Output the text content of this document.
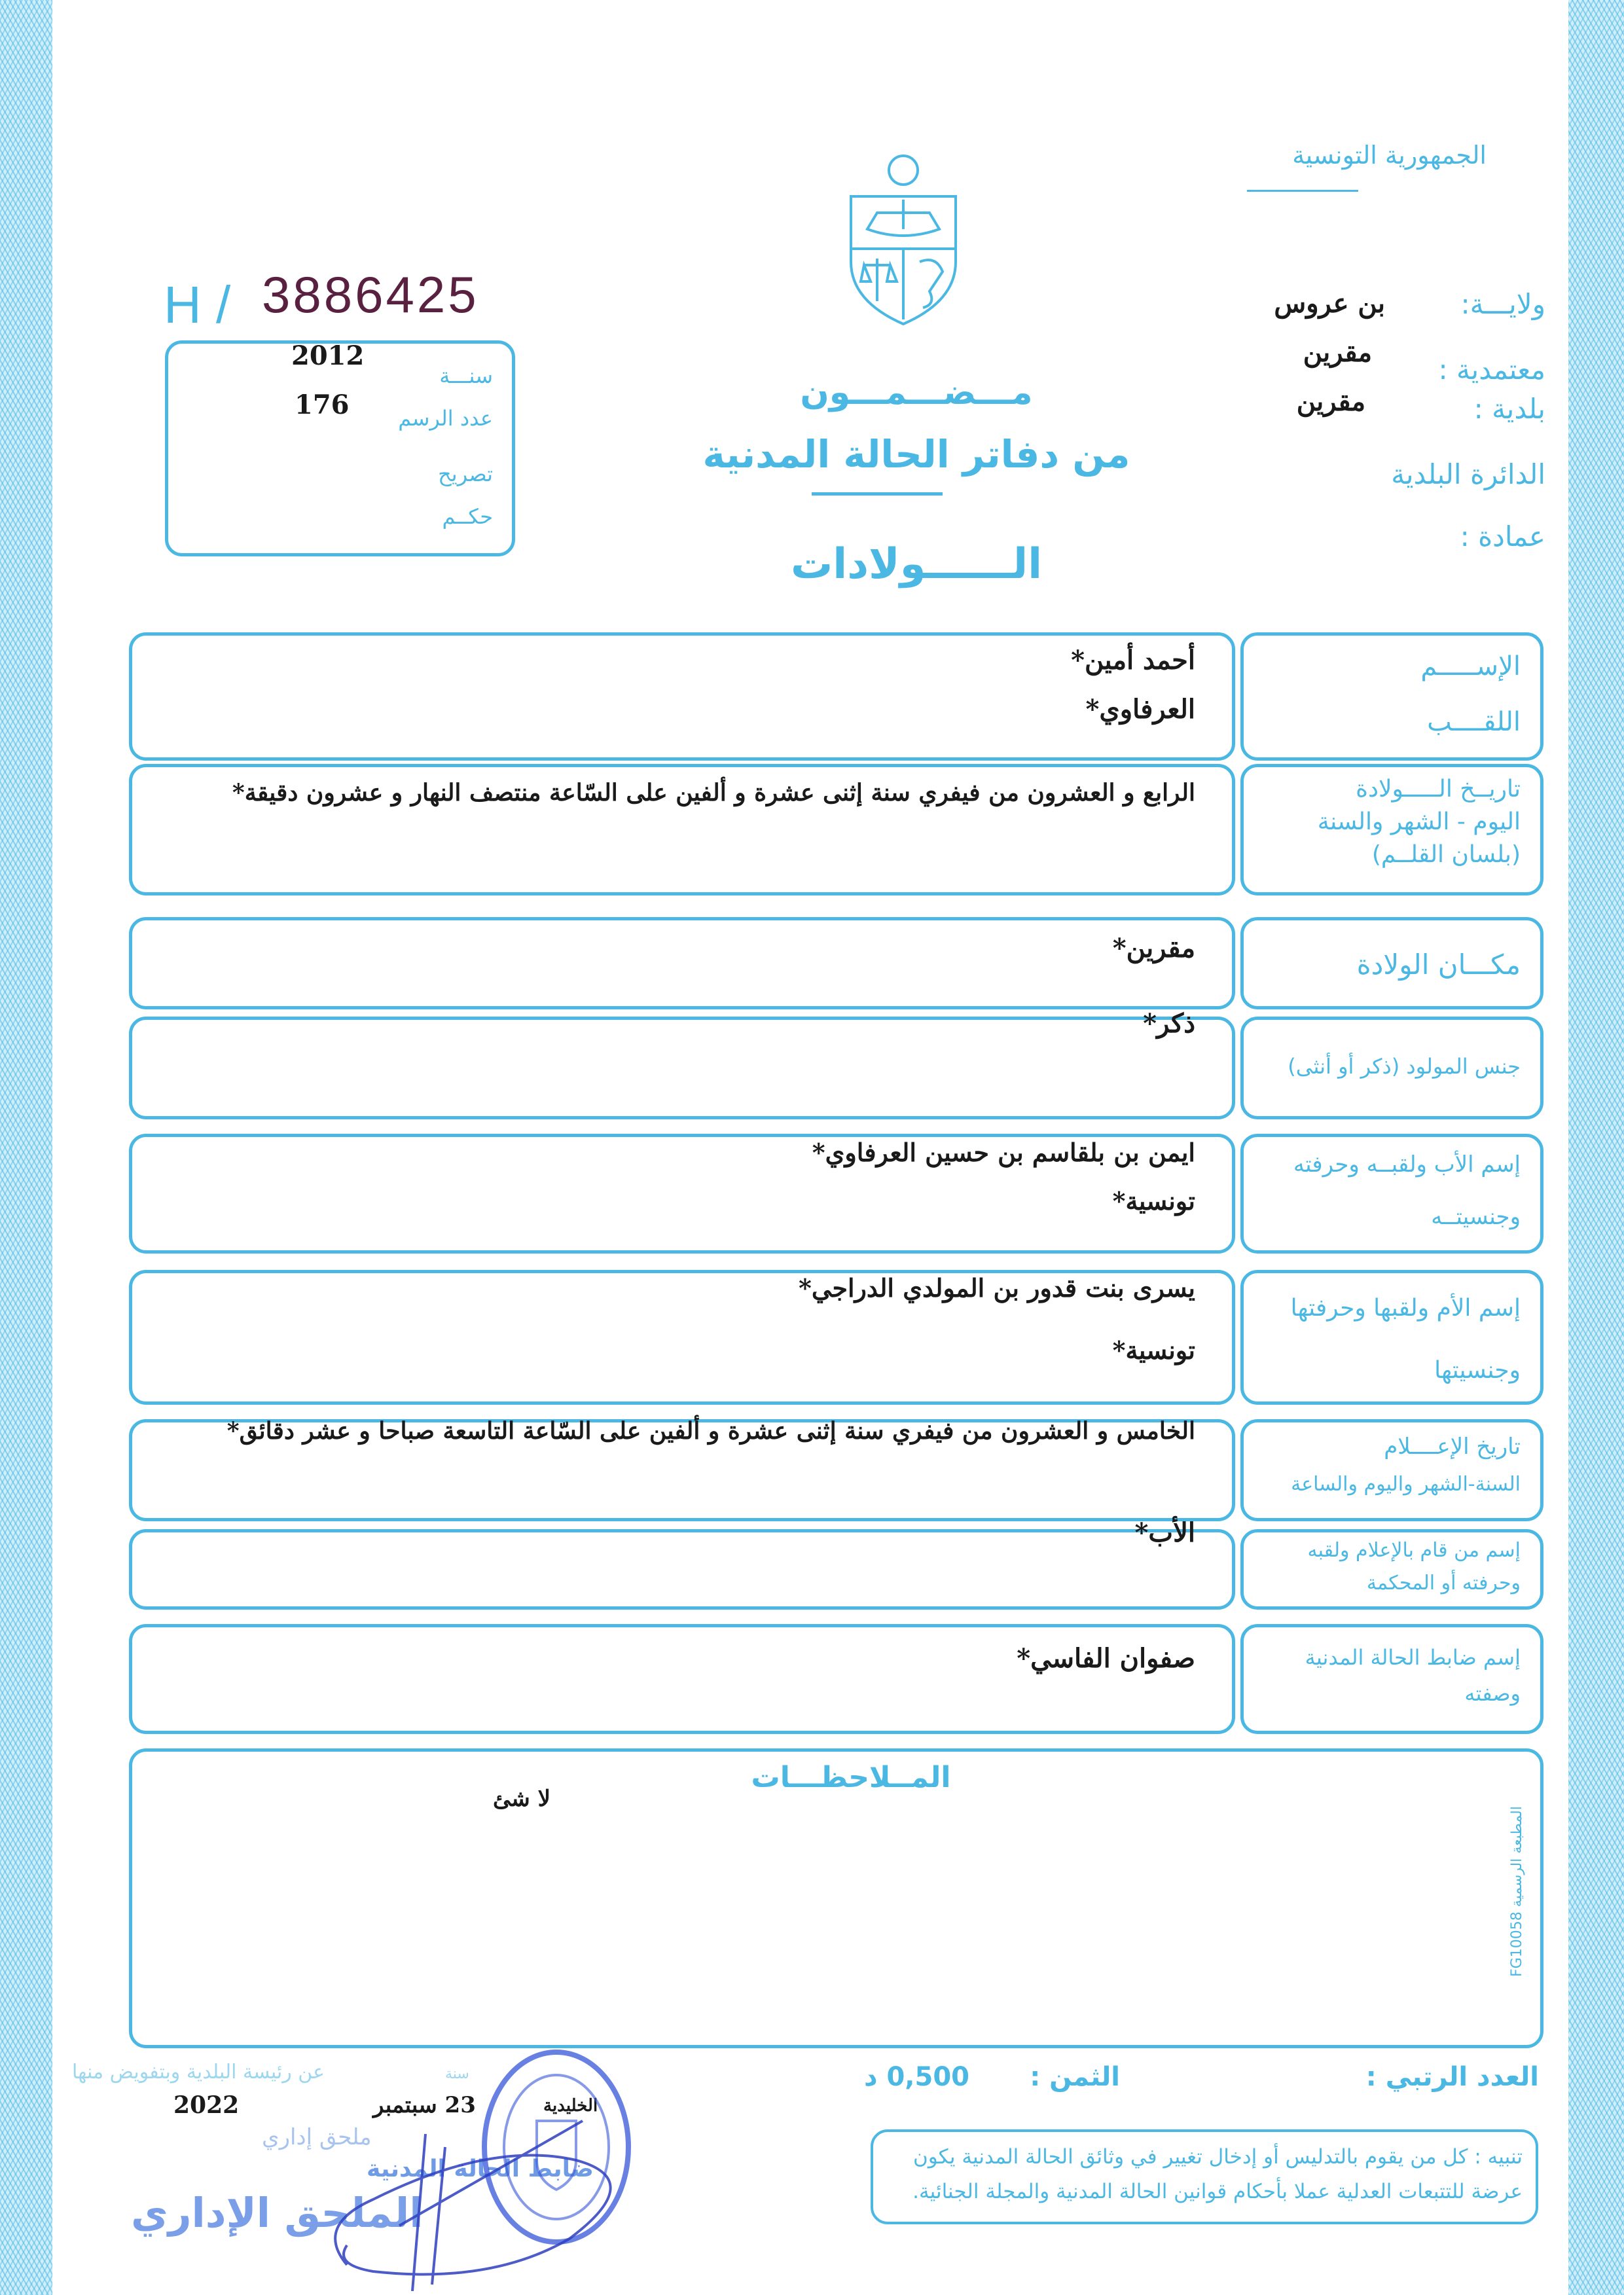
الجمهورية التونسية
ولايـــة:
بن عروس
معتمدية :
مقرين
بلدية :
مقرين
الدائرة البلدية
عمادة :
H / 3886425
2012
176
سنـــة
عدد الرسم
تصريح
حكــم
مـــضـــمـــون
من دفاتر الحالة المدنية
الــــــولادات
الإســـــم
اللقــــب
أحمد أمين*
العرفاوي*
تاريــخ الـــــولادة
اليوم - الشهر والسنة
(بلسان القلــم)
الرابع و العشرون من فيفري سنة إثنى عشرة و ألفين على السّاعة منتصف النهار و عشرون دقيقة*
مكـــان الولادة
مقرين*
جنس المولود (ذكر أو أنثى)
ذكر*
إسم الأب ولقبــه وحرفته
وجنسيتــه
ايمن بن بلقاسم بن حسين العرفاوي*
تونسية*
إسم الأم ولقبها وحرفتها
وجنسيتها
يسرى بنت قدور بن المولدي الدراجي*
تونسية*
تاريخ الإعــــلام
السنة-الشهر واليوم والساعة
الخامس و العشرون من فيفري سنة إثنى عشرة و ألفين على السّاعة التاسعة صباحا و عشر دقائق*
إسم من قام بالإعلام ولقبه
وحرفته أو المحكمة
الأب*
إسم ضابط الحالة المدنية
وصفته
صفوان الفاسي*
المــلاحظـــات
لا شئ
المطبعة الرسمية FG10058
العدد الرتبي :
الثمن :
0,500 د
تنبيه : كل من يقوم بالتدليس أو إدخال تغيير في وثائق الحالة المدنية يكون عرضة للتتبعات العدلية عملا بأحكام قوانين الحالة المدنية والمجلة الجنائية.
عن رئيسة البلدية وبتفويض منها	سنة
2022	23 سبتمبر	الخليدية
ملحق إداري
ضابط الحالة المدنية
الملحق الإداري
